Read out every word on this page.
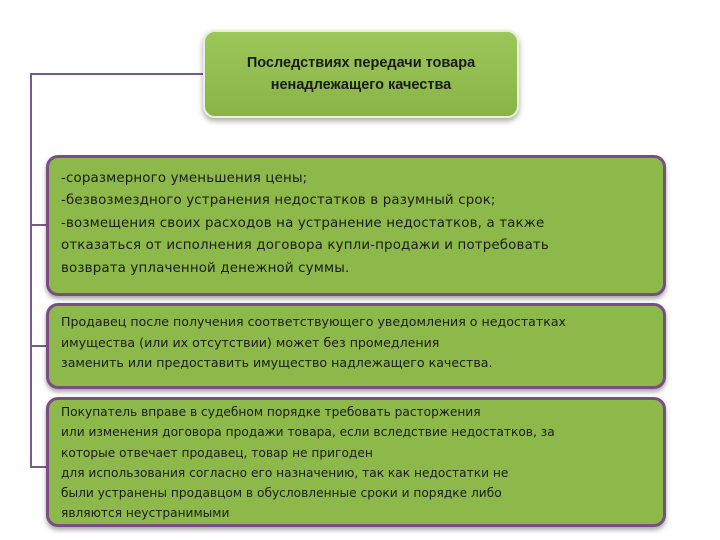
Последствиях передачи товара
ненадлежащего качества
-соразмерного уменьшения цены;
-безвозмездного устранения недостатков в разумный срок;
-возмещения своих расходов на устранение недостатков, а также
отказаться от исполнения договора купли-продажи и потребовать
возврата уплаченной денежной суммы.
Продавец после получения соответствующего уведомления о недостатках
имущества (или их отсутствии) может без промедления
заменить или предоставить имущество надлежащего качества.
Покупатель вправе в судебном порядке требовать расторжения
или изменения договора продажи товара, если вследствие недостатков, за
которые отвечает продавец, товар не пригоден
для использования согласно его назначению, так как недостатки не
были устранены продавцом в обусловленные сроки и порядке либо
являются неустранимыми
